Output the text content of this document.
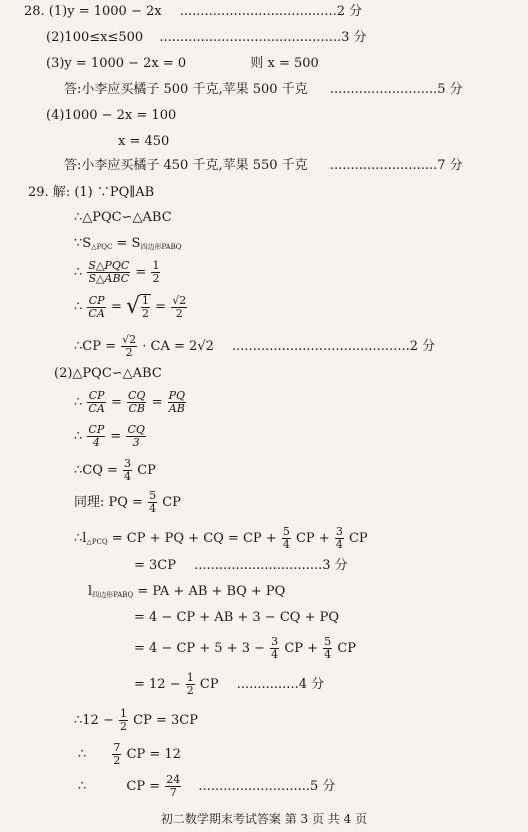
28. (1)y = 1000 − 2x ......................................2 分
(2)100≤x≤500 ............................................3 分
(3)y = 1000 − 2x = 0	则 x = 500
答:小李应买橘子 500 千克,苹果 500 千克 ..........................5 分
(4)1000 − 2x = 100
x = 450
答:小李应买橘子 450 千克,苹果 550 千克 ..........................7 分
29. 解: (1) ∵PQ∥AB
∴△PQC∽△ABC
$\because S_{\triangle PQC} = S_{四边形PABQ}$
∴ $\frac{\text{S△PQC}}{\text{S△ABC}} = \frac{1}{2}$
∴ $\frac{CP}{CA}$ = √ $\frac{1}{2} = \frac{√2}{2}$
∴CP = $\frac{√2}{2}$ · CA = 2√2 ...........................................2 分
(2)△PQC∽△ABC
∴ $\frac{CP}{CA} = \frac{CQ}{CB} = \frac{PQ}{AB}$
∴ $\frac{CP}{4} = \frac{CQ}{3}$
∴CQ = $\frac{3}{4}$ CP
同理: PQ = $\frac{5}{4}$ CP
$\therefore l_{\triangle PCQ}$ = CP + PQ + CQ = CP + $\frac{5}{4}$ CP + $\frac{3}{4}$ CP
= 3CP ...............................3 分
$l_{四边形PABQ}$ = PA + AB + BQ + PQ
= 4 − CP + AB + 3 − CQ + PQ
= 4 − CP + $5 + 3 - \frac{3}{4}$ CP + $\frac{5}{4}$ CP
= $12 - \frac{1}{2}$ CP ...............4 分
∴12 − $\frac{1}{2}$ CP = 3CP
∴ $\frac{7}{2}$ CP = 12
∴	CP = $\frac{24}{7} ...........................5$ 分
初二数学期末考试答案 第 3 页 共 4 页
